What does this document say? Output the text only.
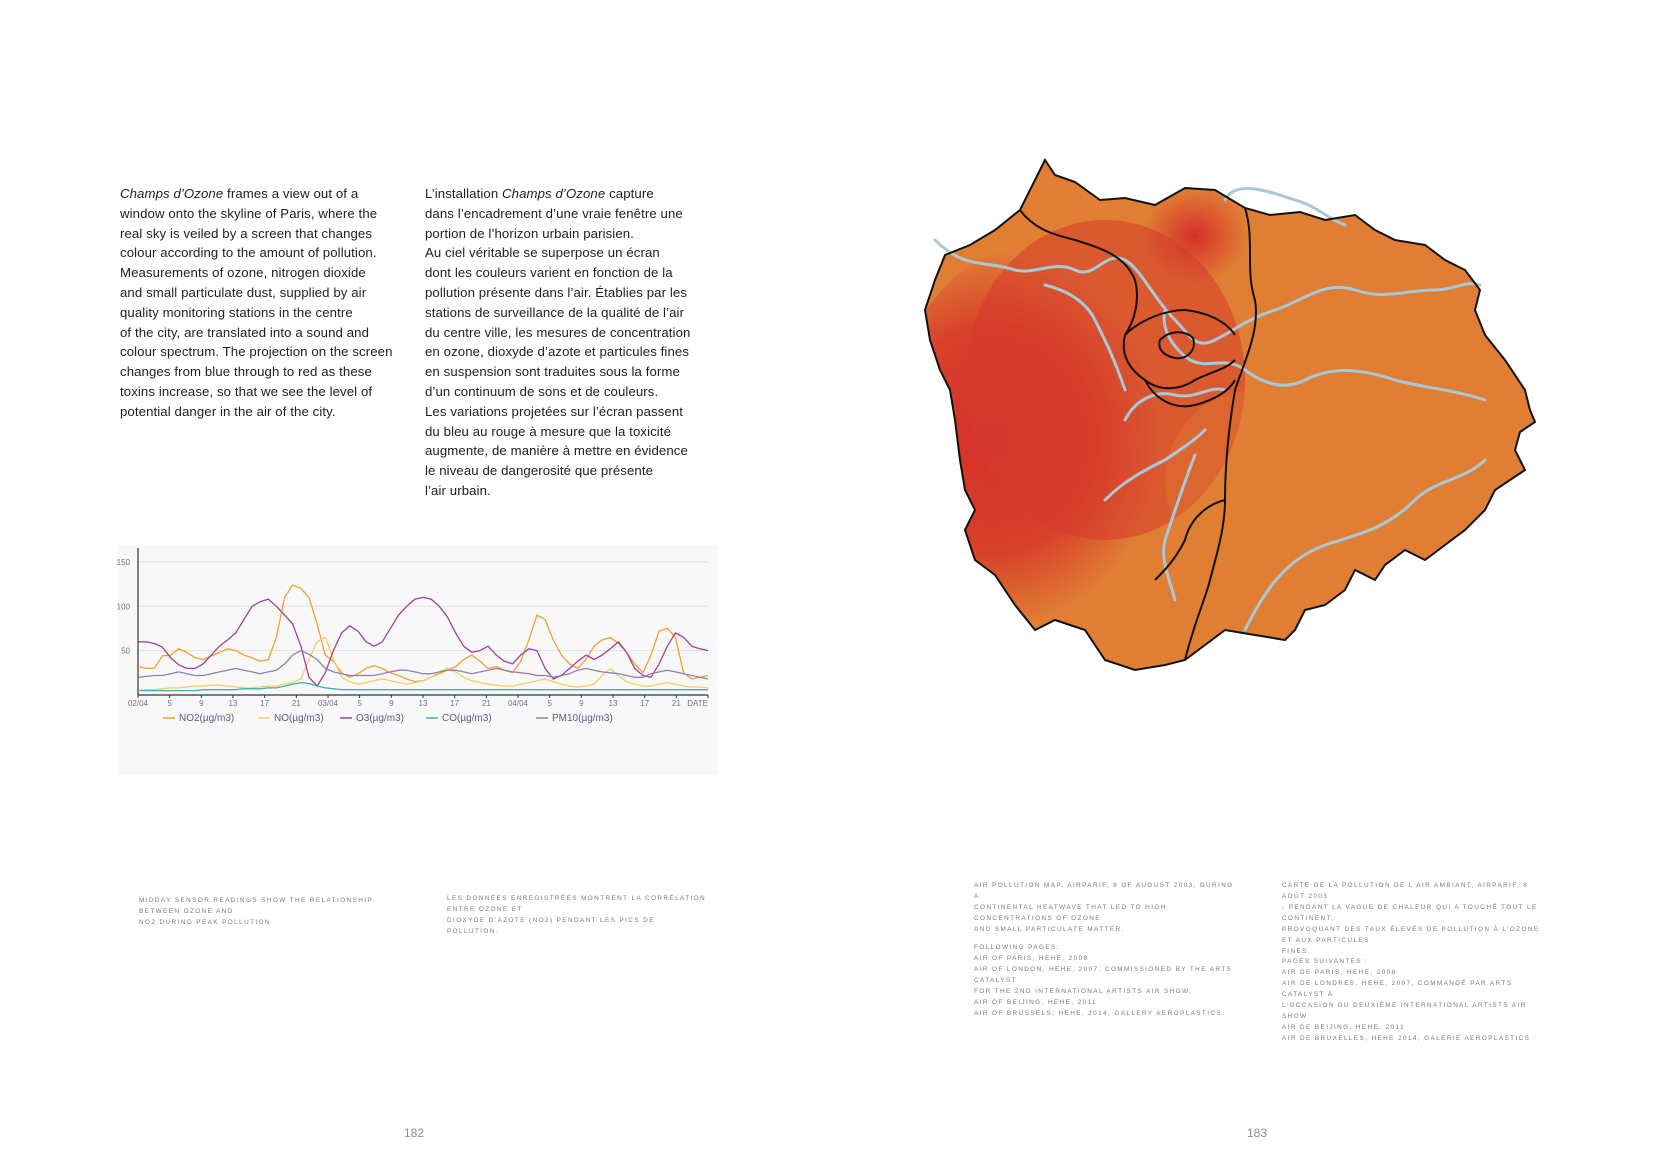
Champs d’Ozone frames a view out of a
window onto the skyline of Paris, where the
real sky is veiled by a screen that changes
colour according to the amount of pollution.
Measurements of ozone, nitrogen dioxide
and small particulate dust, supplied by air
quality monitoring stations in the centre
of the city, are translated into a sound and
colour spectrum. The projection on the screen
changes from blue through to red as these
toxins increase, so that we see the level of
potential danger in the air of the city.

L’installation Champs d’Ozone capture
dans l’encadrement d’une vraie fenêtre une
portion de l’horizon urbain parisien.
Au ciel véritable se superpose un écran
dont les couleurs varient en fonction de la
pollution présente dans l’air. Établies par les
stations de surveillance de la qualité de l’air
du centre ville, les mesures de concentration
en ozone, dioxyde d’azote et particules fines
en suspension sont traduites sous la forme
d’un continuum de sons et de couleurs.
Les variations projetées sur l’écran passent
du bleu au rouge à mesure que la toxicité
augmente, de manière à mettre en évidence
le niveau de dangerosité que présente
l’air urbain.

50
100
150
02/04 5	9	13	17	21 03/04 5	9	13	17	21 04/04 5	9	13	17	21 DATE
NO2(µg/m3)	NO(µg/m3)	O3(µg/m3)	CO(µg/m3)	PM10(µg/m3)
MIDDAY SENSOR READINGS SHOW THE RELATIONSHIP BETWEEN OZONE AND
NO2 DURING PEAK POLLUTION
LES DONNÉES ENREGISTRÉES MONTRENT LA CORRÉLATION ENTRE OZONE ET
DIOXYDE D’AZOTE (NO2) PENDANT LES PICS DE POLLUTION.
182
AIR POLLUTION MAP, AIRPARIF, 8 OF AUGUST 2003, DURING A
CONTINENTAL HEATWAVE THAT LED TO HIGH CONCENTRATIONS OF OZONE
AND SMALL PARTICULATE MATTER.
FOLLOWING PAGES:
AIR OF PARIS, HEHE, 2008
AIR OF LONDON, HEHE, 2007, COMMISSIONED BY THE ARTS CATALYST
FOR THE 2ND INTERNATIONAL ARTISTS AIR SHOW,
AIR OF BEIJING, HEHE, 2011
AIR OF BRUSSELS, HEHE, 2014, GALLERY AEROPLASTICS.
CARTE DE LA POLLUTION DE L’AIR AMBIANT, AIRPARIF, 8 AOÛT 2003
- PENDANT LA VAGUE DE CHALEUR QUI A TOUCHÉ TOUT LE CONTINENT,
PROVOQUANT DES TAUX ÉLEVÉS DE POLLUTION À L’OZONE ET AUX PARTICULES
FINES.
PAGES SUIVANTES :
AIR DE PARIS, HEHE, 2008
AIR DE LONDRES, HEHE, 2007, COMMANDÉ PAR ARTS CATALYST À
L’OCCASION DU DEUXIÈME INTERNATIONAL ARTISTS AIR SHOW
AIR DE BEIJING, HEHE, 2011
AIR DE BRUXELLES, HEHE 2014, GALERIE AEROPLASTICS
183
